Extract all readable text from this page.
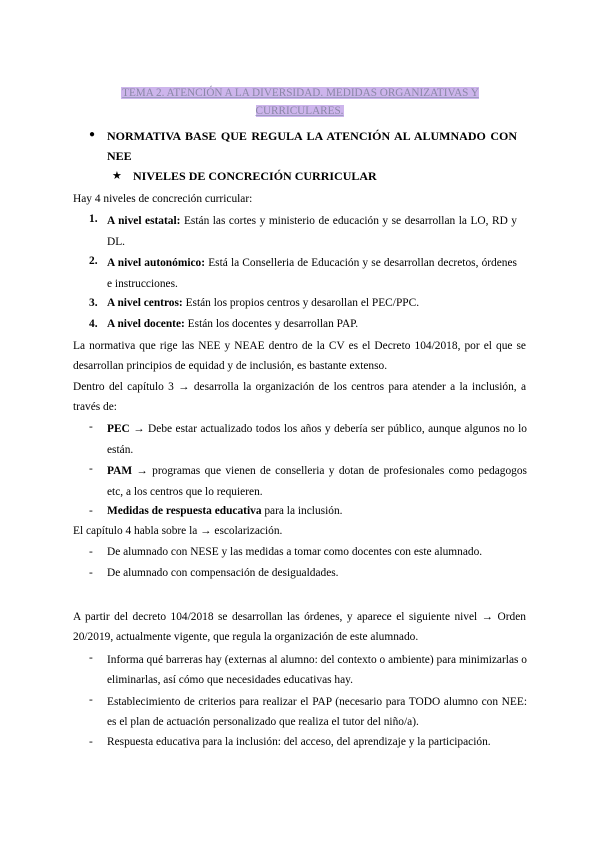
TEMA 2. ATENCIÓN A LA DIVERSIDAD. MEDIDAS ORGANIZATIVAS Y CURRICULARES.
● NORMATIVA BASE QUE REGULA LA ATENCIÓN AL ALUMNADO CON NEE
★ NIVELES DE CONCRECIÓN CURRICULAR
Hay 4 niveles de concreción curricular:
1. A nivel estatal: Están las cortes y ministerio de educación y se desarrollan la LO, RD y DL.
2. A nivel autonómico: Está la Conselleria de Educación y se desarrollan decretos, órdenes e instrucciones.
3. A nivel centros: Están los propios centros y desarollan el PEC/PPC.
4. A nivel docente: Están los docentes y desarrollan PAP.
La normativa que rige las NEE y NEAE dentro de la CV es el Decreto 104/2018, por el que se desarrollan principios de equidad y de inclusión, es bastante extenso.
Dentro del capítulo 3 → desarrolla la organización de los centros para atender a la inclusión, a través de:
- PEC → Debe estar actualizado todos los años y debería ser público, aunque algunos no lo están.
- PAM → programas que vienen de conselleria y dotan de profesionales como pedagogos etc, a los centros que lo requieren.
- Medidas de respuesta educativa para la inclusión.
El capítulo 4 habla sobre la → escolarización.
- De alumnado con NESE y las medidas a tomar como docentes con este alumnado.
- De alumnado con compensación de desigualdades.
A partir del decreto 104/2018 se desarrollan las órdenes, y aparece el siguiente nivel → Orden 20/2019, actualmente vigente, que regula la organización de este alumnado.
- Informa qué barreras hay (externas al alumno: del contexto o ambiente) para minimizarlas o eliminarlas, así cómo que necesidades educativas hay.
- Establecimiento de criterios para realizar el PAP (necesario para TODO alumno con NEE: es el plan de actuación personalizado que realiza el tutor del niño/a).
- Respuesta educativa para la inclusión: del acceso, del aprendizaje y la participación.
